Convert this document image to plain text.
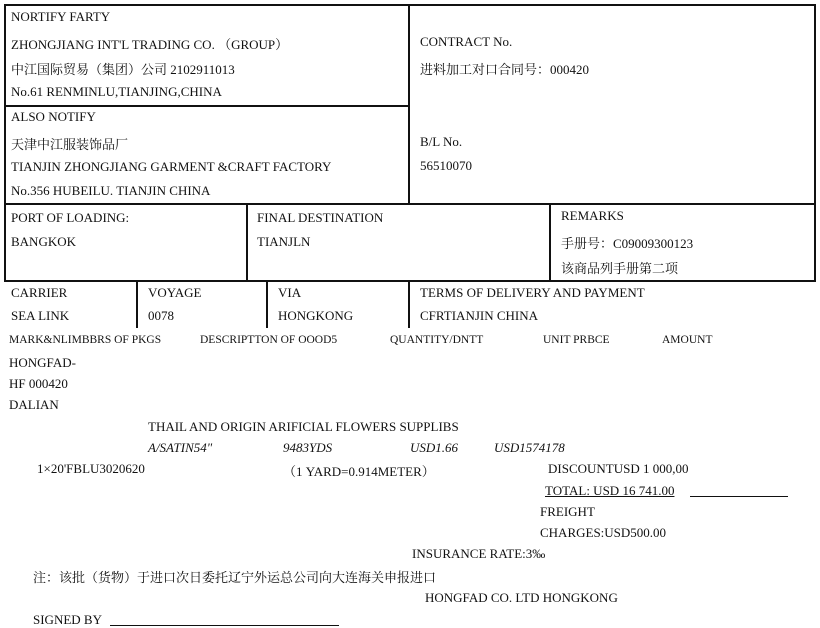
NORTIFY FARTY
ZHONGJIANG INT'L TRADING CO. （GROUP）
中江国际贸易（集团）公司 2102911013
No.61 RENMINLU,TIANJING,CHINA
CONTRACT No.
进料加工对口合同号：000420
ALSO NOTIFY
天津中江服装饰品厂
TIANJIN ZHONGJIANG GARMENT &CRAFT FACTORY
No.356 HUBEILU. TIANJIN CHINA
B/L No.
56510070
PORT OF LOADING:
BANGKOK
FINAL DESTINATION
TIANJLN
REMARKS
手册号：C09009300123
该商品列手册第二项
CARRIER
SEA LINK
VOYAGE
0078
VIA
HONGKONG
TERMS OF DELIVERY AND PAYMENT
CFRTIANJIN CHINA
MARK&NLIMBBRS OF PKGS	DESCRIPTTON OF OOOD5	QUANTITY/DNTT	UNIT PRBCE	AMOUNT
HONGFAD-
HF 000420
DALIAN
THAIL AND ORIGIN ARIFICIAL FLOWERS SUPPLIBS
A/SATIN54"	9483YDS	USD1.66	USD1574178
1×20'FBLU3020620	（1 YARD=0.914METER）	DISCOUNTUSD 1 000,00
TOTAL: USD 16 741.00
FREIGHT
CHARGES:USD500.00
INSURANCE RATE:3‰
注：该批（货物）于进口次日委托辽宁外运总公司向大连海关申报进口
HONGFAD CO. LTD HONGKONG
SIGNED BY
